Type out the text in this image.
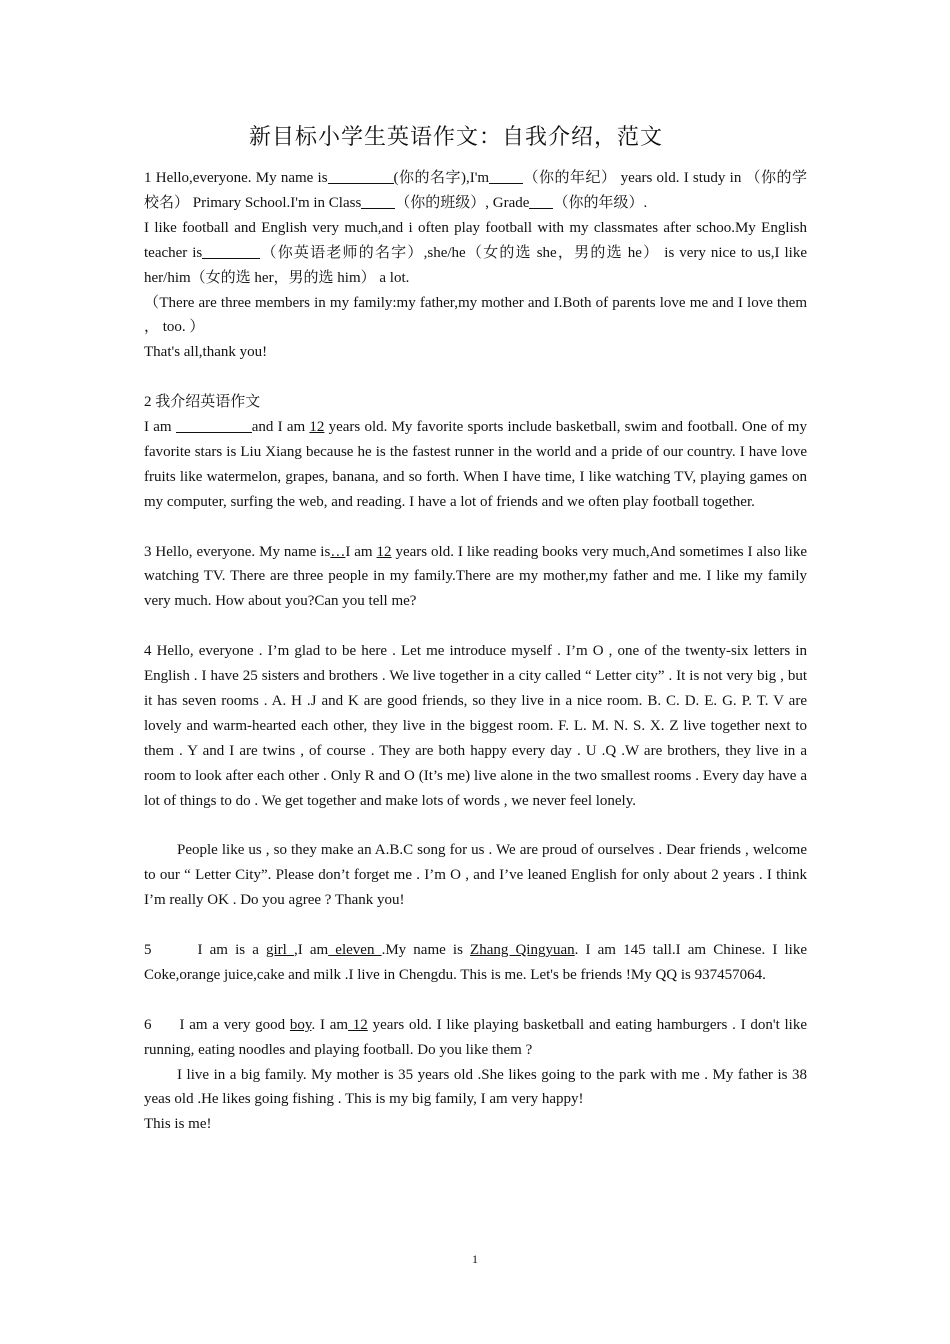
新目标小学生英语作文：自我介绍，范文

1 Hello,everyone. My name is	(你的名字),I'm （你的年纪） years old. I study in （你的学校名） Primary School.I'm in Class （你的班级）, Grade （你的年级）.

I like football and English very much,and i often play football with my classmates after schoo.My English teacher is	（你英语老师的名字）,she/he（女的选 she，男的选 he） is very nice to us,I like her/him（女的选 her，男的选 him） a lot.

（There are three members in my family:my father,my mother and I.Both of parents love me and I love them ， too. ）

That's all,thank you!

2 我介绍英语作文

I am	and I am 12 years old. My favorite sports include basketball, swim and football. One of my favorite stars is Liu Xiang because he is the fastest runner in the world and a pride of our country. I have love fruits like watermelon, grapes, banana, and so forth. When I have time, I like watching TV, playing games on my computer, surfing the web, and reading. I have a lot of friends and we often play football together.

3 Hello, everyone. My name is…I am 12 years old. I like reading books very much,And sometimes I also like watching TV. There are three people in my family.There are my mother,my father and me. I like my family very much. How about you?Can you tell me?

4 Hello, everyone . I’m glad to be here . Let me introduce myself . I’m O , one of the twenty-six letters in English . I have 25 sisters and brothers . We live together in a city called “ Letter city” . It is not very big , but it has seven rooms . A. H .J and K are good friends, so they live in a nice room. B. C. D. E. G. P. T. V are lovely and warm-hearted each other, they live in the biggest room. F. L. M. N. S. X. Z live together next to them . Y and I are twins , of course . They are both happy every day . U .Q .W are brothers, they live in a room to look after each other . Only R and O (It’s me) live alone in the two smallest rooms . Every day have a lot of things to do . We get together and make lots of words , we never feel lonely.

People like us , so they make an A.B.C song for us . We are proud of ourselves . Dear friends , welcome to our “ Letter City”. Please don’t forget me . I’m O , and I’ve leaned English for only about 2 years . I think I’m really OK . Do you agree ? Thank you!

5	I am is a girl ,I am eleven .My name is Zhang Qingyuan. I am 145 tall.I am Chinese. I like Coke,orange juice,cake and milk .I live in Chengdu. This is me. Let's be friends !My QQ is 937457064.

6 I am a very good boy. I am 12 years old. I like playing basketball and eating hamburgers . I don't like running, eating noodles and playing football. Do you like them ?

I live in a big family. My mother is 35 years old .She likes going to the park with me . My father is 38 yeas old .He likes going fishing . This is my big family, I am very happy!

This is me!

1
